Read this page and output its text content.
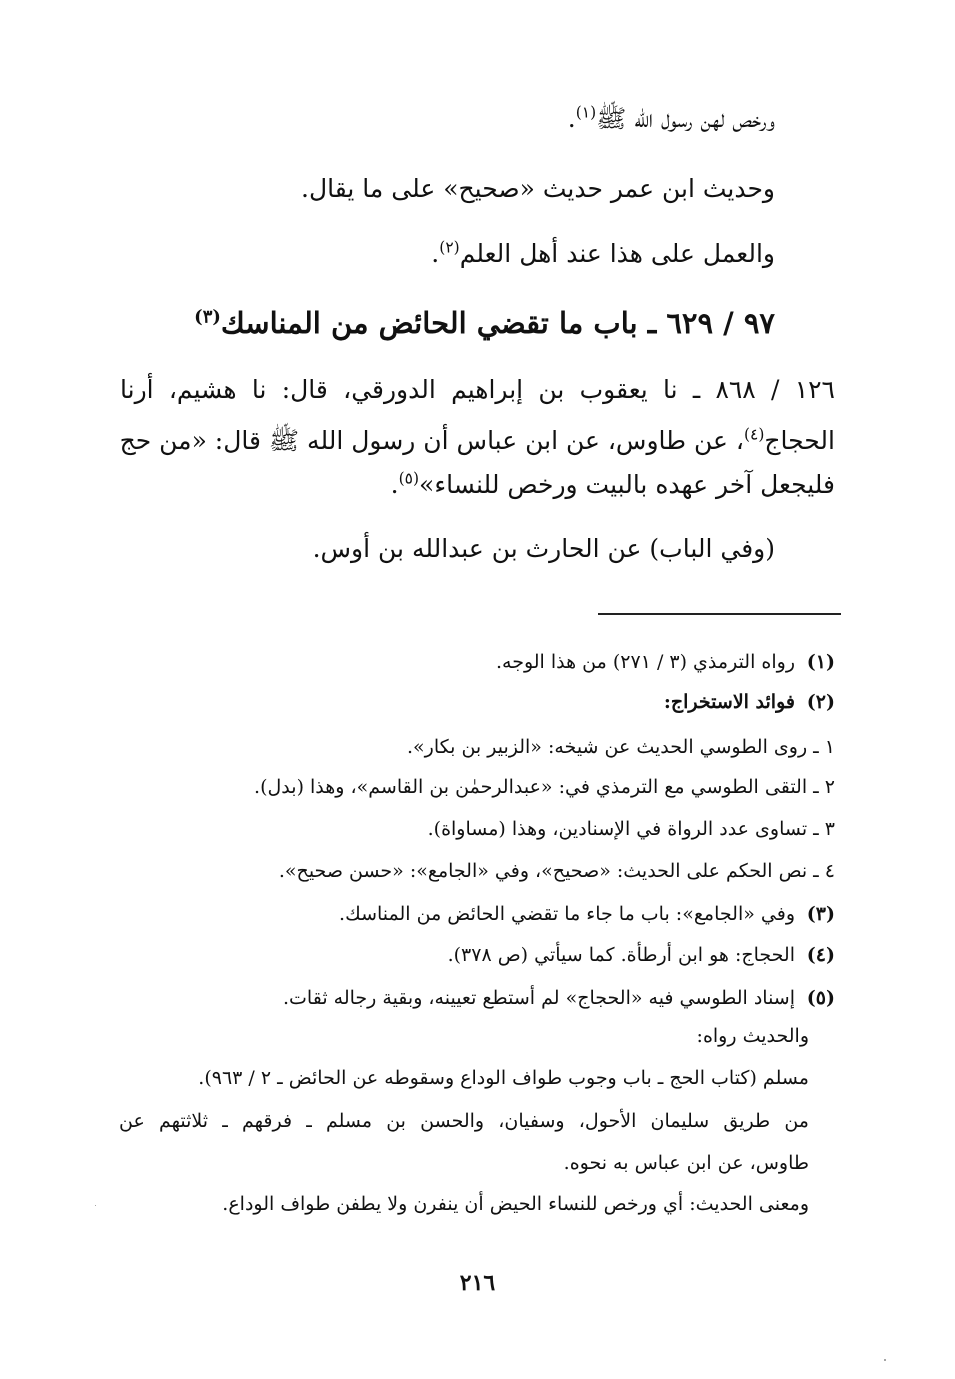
ورخص لهن رسول الله ﷺ$^{(١)}$.
وحديث ابن عمر حديث «صحيح» على ما يقال.
والعمل على هذا عند أهل العلم$^{(٢)}$.
٩٧ / ٦٢٩ ـ باب ما تقضي الحائض من المناسك$^{(٣)}$
١٢٦ / ٨٦٨ ـ نا يعقوب بن إبراهيم الدورقي، قال: نا هشيم، أرنا
الحجاج$^{(٤)}$، عن طاوس، عن ابن عباس أن رسول الله ﷺ قال: «من حج
فليجعل آخر عهده بالبيت ورخص للنساء»$^{(٥)}$.
(وفي الباب) عن الحارث بن عبدالله بن أوس.
(١)رواه الترمذي (٣ / ٢٧١) من هذا الوجه.
(٢)فوائد الاستخراج:
١ ـ روى الطوسي الحديث عن شيخه: «الزبير بن بكار».
٢ ـ التقى الطوسي مع الترمذي في: «عبدالرحمٰن بن القاسم»، وهذا (بدل).
٣ ـ تساوى عدد الرواة في الإسنادين، وهذا (مساواة).
٤ ـ نص الحكم على الحديث: «صحيح»، وفي «الجامع»: «حسن صحيح».
(٣)وفي «الجامع»: باب ما جاء ما تقضي الحائض من المناسك.
(٤)الحجاج: هو ابن أرطأة. كما سيأتي (ص ٣٧٨).
(٥)إسناد الطوسي فيه «الحجاج» لم أستطع تعيينه، وبقية رجاله ثقات.
والحديث رواه:
مسلم (كتاب الحج ـ باب وجوب طواف الوداع وسقوطه عن الحائض ـ ٢ / ٩٦٣).
من طريق سليمان الأحول، وسفيان، والحسن بن مسلم ـ فرقهم ـ ثلاثتهم عن
طاوس، عن ابن عباس به نحوه.
ومعنى الحديث: أي ورخص للنساء الحيض أن ينفرن ولا يطفن طواف الوداع.
٢١٦
